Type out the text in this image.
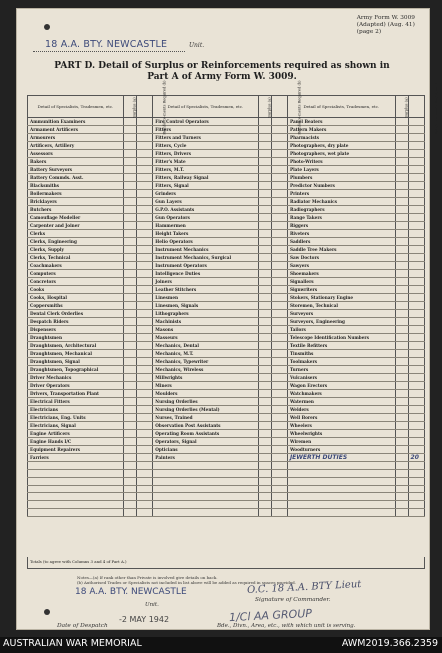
Army Form W. 3009
(Adapted) (Aug. 41)
(page 2)
18 A.A. BTY. NEWCASTLE	Unit.
PART D. Detail of Surplus or Reinforcements required as shown in
Part A of Army Form W. 3009.
Detail of Specialists, Tradesmen, etc.	Surplus (a)	Reinforce-ments Required (b)	Detail of Specialists, Tradesmen, etc.	Surplus (a)	Reinforce-ments Required (b)	Detail of Specialists, Tradesmen, etc.	Surplus (a)	Reinforce-ments Required (b)
Ammunition Examiners			Fire Control Operators			Panel Beaters		
Armament Artificers			Fitters			Pattern Makers		
Armourers			Fitters and Turners			Pharmacists		
Artificers, Artillery			Fitters, Cycle			Photographers, dry plate		
Assessors			Fitters, Drivers			Photographers, wet plate		
Bakers			Fitter's Mate			Photo-Writers		
Battery Surveyors			Fitters, M.T.			Plate Layers		
Battery Commds. Asst.			Fitters, Railway Signal			Plumbers		
Blacksmiths			Fitters, Signal			Predictor Numbers		
Boilermakers			Grinders			Printers		
Bricklayers			Gun Layers			Radiator Mechanics		
Butchers			G.P.O. Assistants			Radiographers		
Camouflage Modeller			Gun Operators			Range Takers		
Carpenter and Joiner			Hammermen			Riggers		
Clerks			Height Takers			Riveters		
Clerks, Engineering			Helio Operators			Saddlers		
Clerks, Supply			Instrument Mechanics			Saddle Tree Makers		
Clerks, Technical			Instrument Mechanics, Surgical			Saw Doctors		
Coachmakers			Instrument Operators			Sawyers		
Computers			Intelligence Duties			Shoemakers		
Concretors			Joiners			Signallers		
Cooks			Leather Stitchers			Signwriters		
Cooks, Hospital			Linesmen			Stokers, Stationary Engine		
Coppersmiths			Linesmen, Signals			Storemen, Technical		
Dental Clerk Orderlies			Lithographers			Surveyors		
Despatch Riders			Machinists			Surveyors, Engineering		
Dispensers			Masons			Tailors		
Draughtsmen			Masseurs			Telescope Identification Numbers		
Draughtsmen, Architectural			Mechanics, Dental			Textile Refitters		
Draughtsmen, Mechanical			Mechanics, M.T.			Tinsmiths		
Draughtsmen, Signal			Mechanics, Typewriter			Toolmakers		
Draughtsmen, Topographical			Mechanics, Wireless			Turners		
Driver Mechanics			Millwrights			Vulcanisers		
Driver Operators			Miners			Wagon Erectors		
Drivers, Transportation Plant			Moulders			Watchmakers		
Electrical Fitters			Nursing Orderlies			Watermen		
Electricians			Nursing Orderlies (Mental)			Welders		
Electricians, Eng. Units			Nurses, Trained			Well Borers		
Electricians, Signal			Observation Post Assistants			Wheelers		
Engine Artificers			Operating Room Assistants			Wheelwrights		
Engine Hands I/C			Operators, Signal			Wiremen		
Equipment Repairers			Opticians			Woodturners		
Farriers			Painters			JEWERTH DUTIES		20

Totals (to agree with Columns 3 and 4 of Part A.)
Notes—(a) If rank other than Private is involved give details on back.
(b) Authorised Trades or Specialists not included in list above will be added as required in spaces provided.
18 A.A. BTY. NEWCASTLE
Unit.
O.C. 18 A.A. BTY Lieut
Signature of Commander.
1/Cl AA GROUP
-2 MAY 1942
Date of Despatch	Bde., Divn., Area, etc., with which unit is serving.
AUSTRALIAN WAR MEMORIAL	AWM2019.366.2359
